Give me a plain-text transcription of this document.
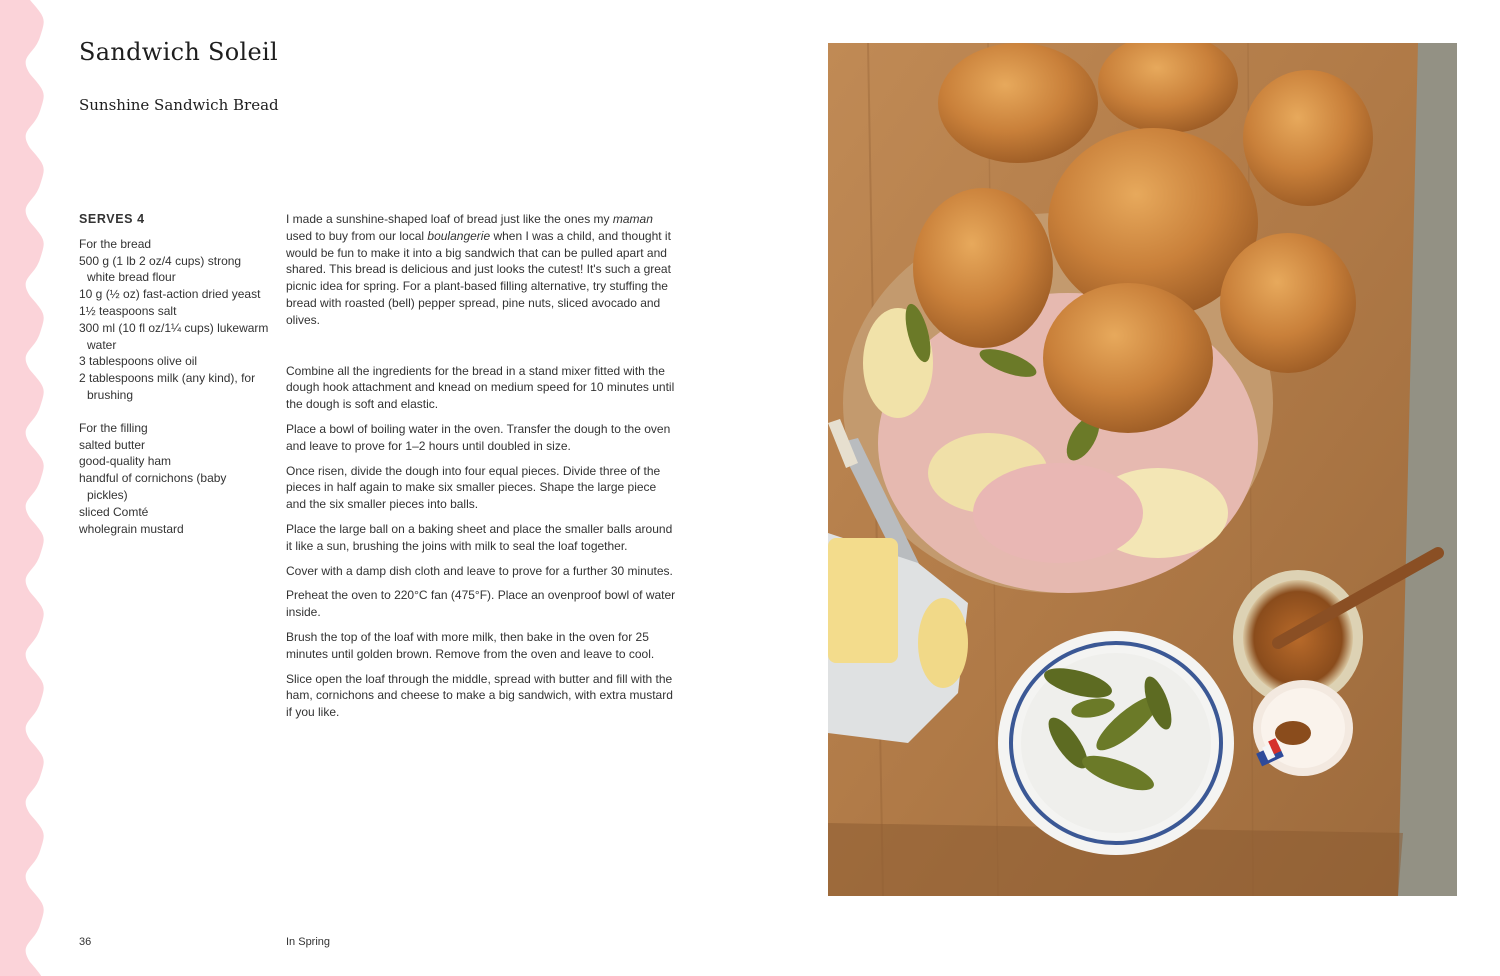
Sandwich Soleil
Sunshine Sandwich Bread
SERVES 4
For the bread
500 g (1 lb 2 oz/4 cups) strong white bread flour
10 g (½ oz) fast-action dried yeast
1½ teaspoons salt
300 ml (10 fl oz/1¼ cups) lukewarm water
3 tablespoons olive oil
2 tablespoons milk (any kind), for brushing
For the filling
salted butter
good-quality ham
handful of cornichons (baby pickles)
sliced Comté
wholegrain mustard

I made a sunshine-shaped loaf of bread just like the ones my maman used to buy from our local boulangerie when I was a child, and thought it would be fun to make it into a big sandwich that can be pulled apart and shared. This bread is delicious and just looks the cutest! It's such a great picnic idea for spring. For a plant-based filling alternative, try stuffing the bread with roasted (bell) pepper spread, pine nuts, sliced avocado and olives.

Combine all the ingredients for the bread in a stand mixer fitted with the dough hook attachment and knead on medium speed for 10 minutes until the dough is soft and elastic.

Place a bowl of boiling water in the oven. Transfer the dough to the oven and leave to prove for 1–2 hours until doubled in size.

Once risen, divide the dough into four equal pieces. Divide three of the pieces in half again to make six smaller pieces. Shape the large piece and the six smaller pieces into balls.

Place the large ball on a baking sheet and place the smaller balls around it like a sun, brushing the joins with milk to seal the loaf together.

Cover with a damp dish cloth and leave to prove for a further 30 minutes.

Preheat the oven to 220°C fan (475°F). Place an ovenproof bowl of water inside.

Brush the top of the loaf with more milk, then bake in the oven for 25 minutes until golden brown. Remove from the oven and leave to cool.

Slice open the loaf through the middle, spread with butter and fill with the ham, cornichons and cheese to make a big sandwich, with extra mustard if you like.

36	In Spring
